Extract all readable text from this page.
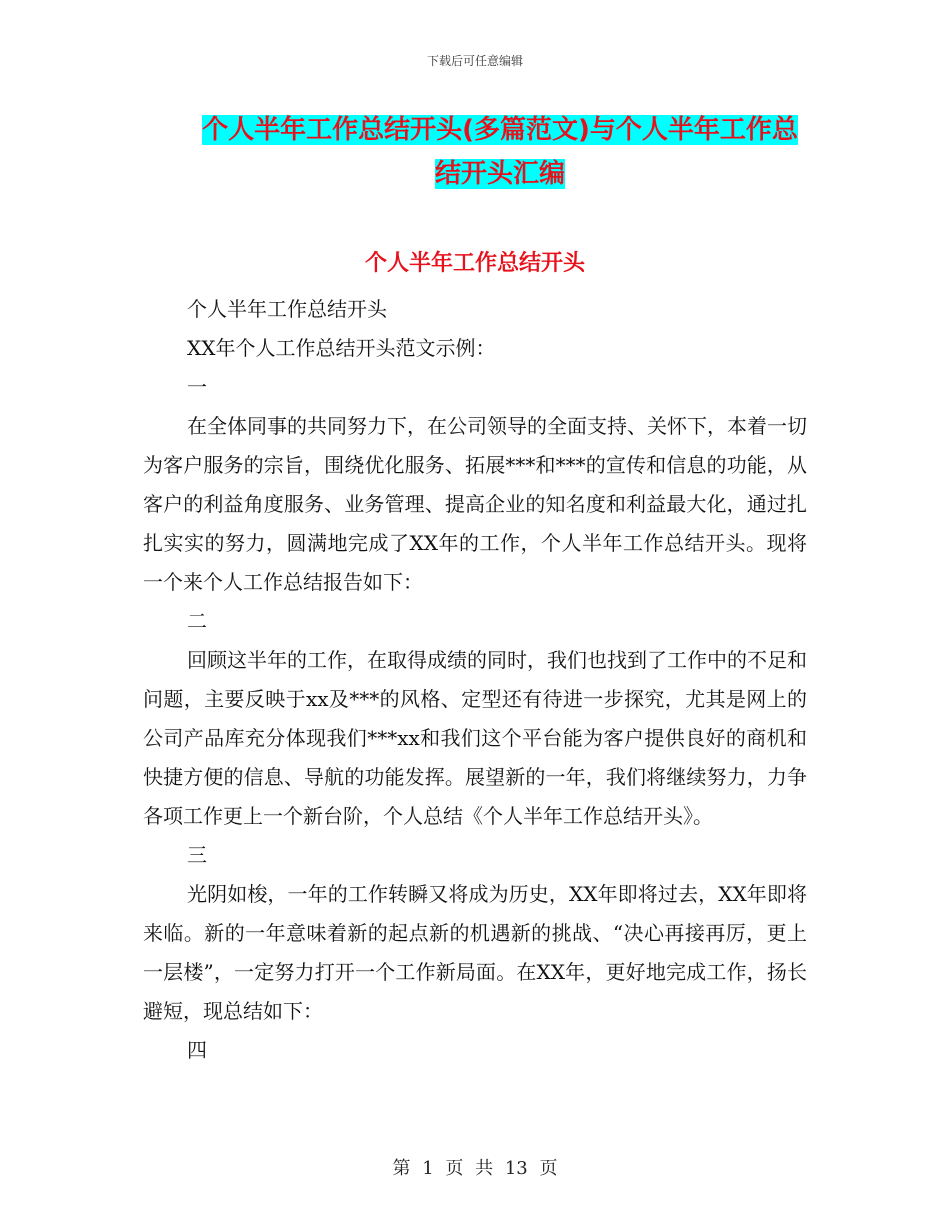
下载后可任意编辑
个人半年工作总结开头(多篇范文)与个人半年工作总结开头汇编
个人半年工作总结开头

个人半年工作总结开头

XX年个人工作总结开头范文示例：

一

在全体同事的共同努力下，在公司领导的全面支持、关怀下，本着一切为客户服务的宗旨，围绕优化服务、拓展***和***的宣传和信息的功能，从客户的利益角度服务、业务管理、提高企业的知名度和利益最大化，通过扎扎实实的努力，圆满地完成了XX年的工作，个人半年工作总结开头。现将一个来个人工作总结报告如下：

二

回顾这半年的工作，在取得成绩的同时，我们也找到了工作中的不足和问题，主要反映于xx及***的风格、定型还有待进一步探究，尤其是网上的公司产品库充分体现我们***xx和我们这个平台能为客户提供良好的商机和快捷方便的信息、导航的功能发挥。展望新的一年，我们将继续努力，力争各项工作更上一个新台阶，个人总结《个人半年工作总结开头》。

三

光阴如梭，一年的工作转瞬又将成为历史，XX年即将过去，XX年即将来临。新的一年意味着新的起点新的机遇新的挑战、“决心再接再厉，更上一层楼”，一定努力打开一个工作新局面。在XX年，更好地完成工作，扬长避短，现总结如下：

四

第 1 页 共 13 页
